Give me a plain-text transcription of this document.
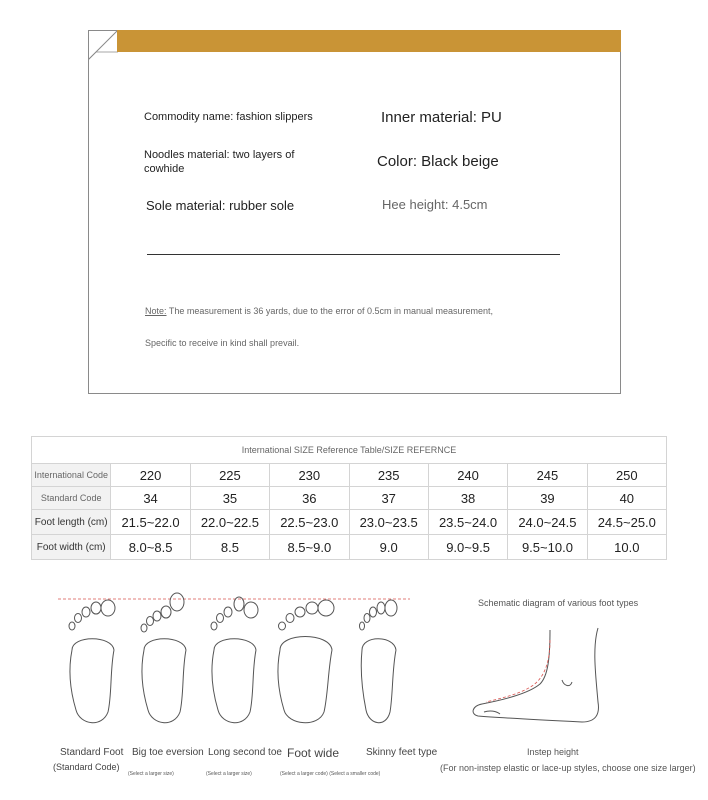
Commodity name: fashion slippers	Inner material: PU
Noodles material: two layers of cowhide	Color: Black beige
Sole material: rubber sole	Hee height: 4.5cm
Note: The measurement is 36 yards, due to the error of 0.5cm in manual measurement,
Specific to receive in kind shall prevail.
International SIZE Reference Table/SIZE REFERNCE							
International Code	220	225	230	235	240	245	250
Standard Code	34	35	36	37	38	39	40
Foot length (cm)	21.5~22.0	22.0~22.5	22.5~23.0	23.0~23.5	23.5~24.0	24.0~24.5	24.5~25.0
Foot width (cm)	8.0~8.5	8.5	8.5~9.0	9.0	9.0~9.5	9.5~10.0	10.0
Standard Foot
(Standard Code)
Big toe eversion
(Select a larger size)
Long second toe
(Select a larger size)
Foot wide
(Select a larger code) (Select a smaller code)
Skinny feet type
Schematic diagram of various foot types
Instep height
(For non-instep elastic or lace-up styles, choose one size larger)
